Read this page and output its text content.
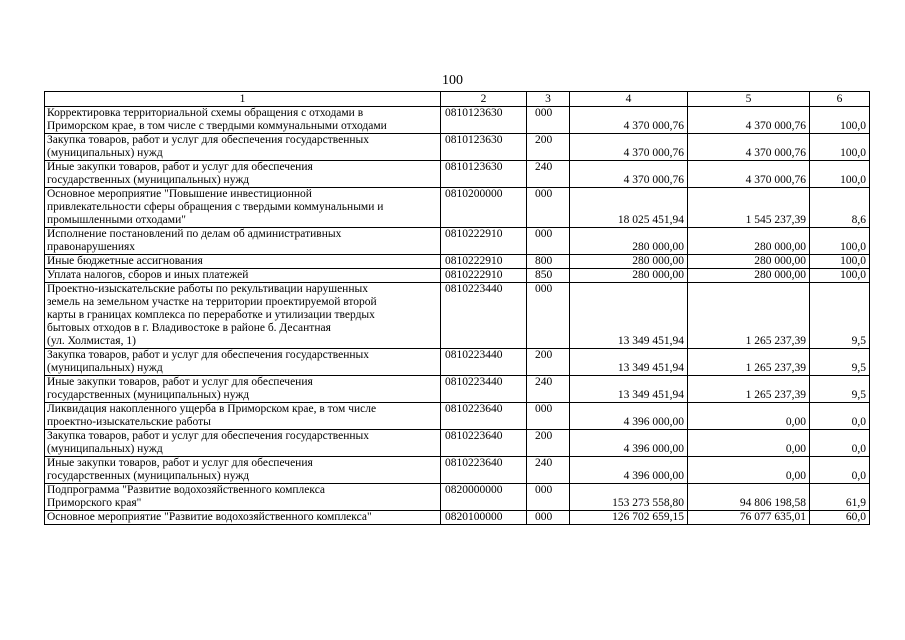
100
1	2	3	4	5	6
Корректировка территориальной схемы обращения с отходами в
Приморском крае, в том числе с твердыми коммунальными отходами	0810123630	000	4 370 000,76	4 370 000,76	100,0
Закупка товаров, работ и услуг для обеспечения государственных
(муниципальных) нужд	0810123630	200	4 370 000,76	4 370 000,76	100,0
Иные закупки товаров, работ и услуг для обеспечения
государственных (муниципальных) нужд	0810123630	240	4 370 000,76	4 370 000,76	100,0
Основное мероприятие "Повышение инвестиционной
привлекательности сферы обращения с твердыми коммунальными и
промышленными отходами"	0810200000	000	18 025 451,94	1 545 237,39	8,6
Исполнение постановлений по делам об административных
правонарушениях	0810222910	000	280 000,00	280 000,00	100,0
Иные бюджетные ассигнования	0810222910	800	280 000,00	280 000,00	100,0
Уплата налогов, сборов и иных платежей	0810222910	850	280 000,00	280 000,00	100,0
Проектно-изыскательские работы по рекультивации нарушенных
земель на земельном участке на территории проектируемой второй
карты в границах комплекса по переработке и утилизации твердых
бытовых отходов в г. Владивостоке в районе б. Десантная
(ул. Холмистая, 1)	0810223440	000	13 349 451,94	1 265 237,39	9,5
Закупка товаров, работ и услуг для обеспечения государственных
(муниципальных) нужд	0810223440	200	13 349 451,94	1 265 237,39	9,5
Иные закупки товаров, работ и услуг для обеспечения
государственных (муниципальных) нужд	0810223440	240	13 349 451,94	1 265 237,39	9,5
Ликвидация накопленного ущерба в Приморском крае, в том числе
проектно-изыскательские работы	0810223640	000	4 396 000,00	0,00	0,0
Закупка товаров, работ и услуг для обеспечения государственных
(муниципальных) нужд	0810223640	200	4 396 000,00	0,00	0,0
Иные закупки товаров, работ и услуг для обеспечения
государственных (муниципальных) нужд	0810223640	240	4 396 000,00	0,00	0,0
Подпрограмма "Развитие водохозяйственного комплекса
Приморского края"	0820000000	000	153 273 558,80	94 806 198,58	61,9
Основное мероприятие "Развитие водохозяйственного комплекса"	0820100000	000	126 702 659,15	76 077 635,01	60,0
